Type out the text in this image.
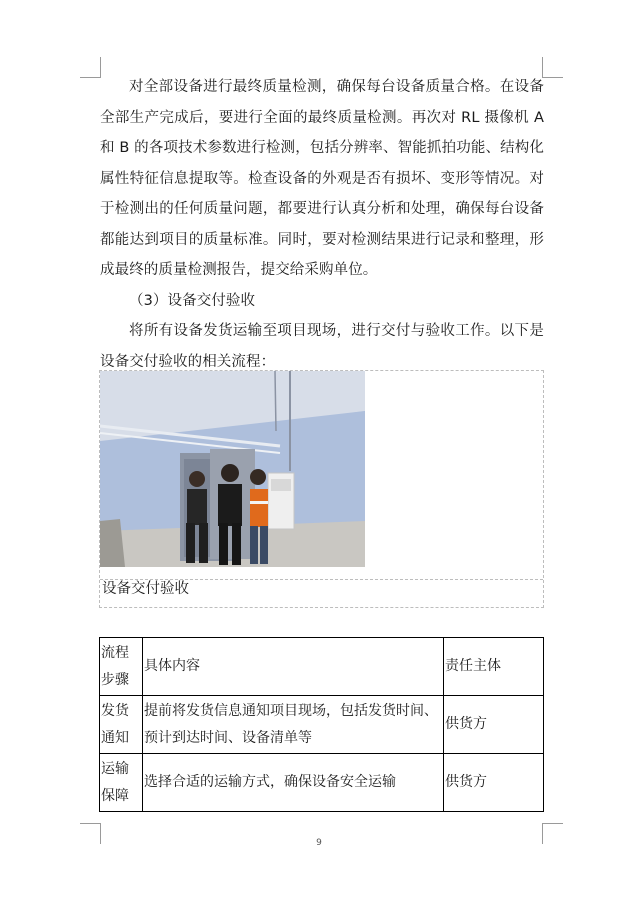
对全部设备进行最终质量检测，确保每台设备质量合格。在设备全部生产完成后，要进行全面的最终质量检测。再次对 RL 摄像机 A 和 B 的各项技术参数进行检测，包括分辨率、智能抓拍功能、结构化属性特征信息提取等。检查设备的外观是否有损坏、变形等情况。对于检测出的任何质量问题，都要进行认真分析和处理，确保每台设备都能达到项目的质量标准。同时，要对检测结果进行记录和整理，形成最终的质量检测报告，提交给采购单位。

（3）设备交付验收

将所有设备发货运输至项目现场，进行交付与验收工作。以下是设备交付验收的相关流程：

设备交付验收
流程步骤	具体内容	责任主体
发货通知	提前将发货信息通知项目现场，包括发货时间、预计到达时间、设备清单等	供货方
运输保障	选择合适的运输方式，确保设备安全运输	供货方
9
